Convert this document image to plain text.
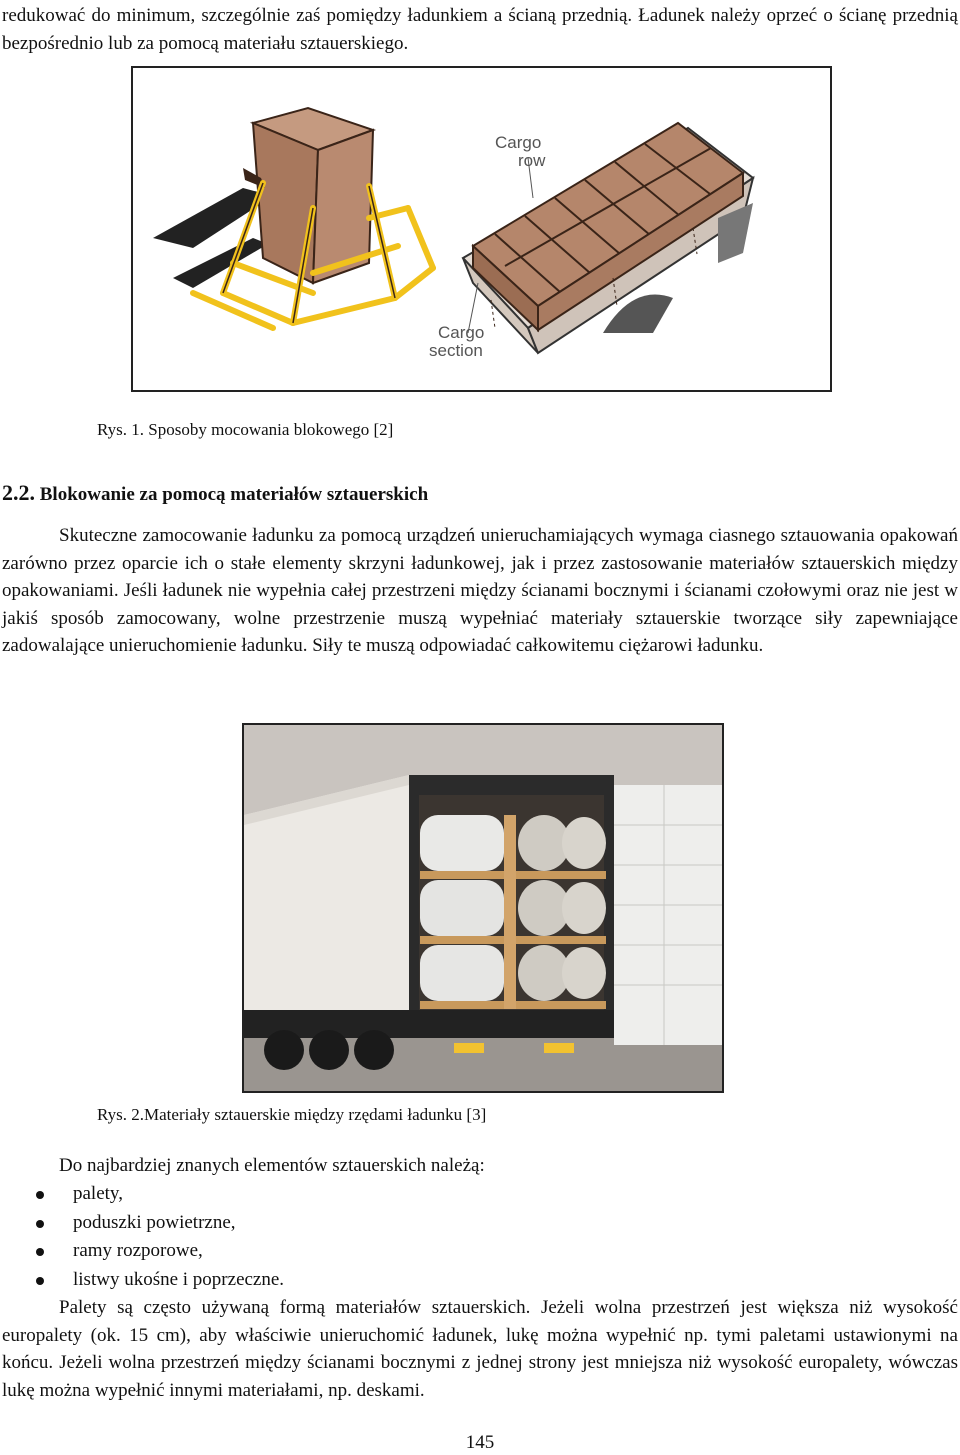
redukować do minimum, szczególnie zaś pomiędzy ładunkiem a ścianą przednią. Ładunek należy oprzeć o ścianę przednią bezpośrednio lub za pomocą materiału sztauerskiego.

Cargo
row
Cargo
section
Rys. 1. Sposoby mocowania blokowego [2]
2.2. Blokowanie za pomocą materiałów sztauerskich

Skuteczne zamocowanie ładunku za pomocą urządzeń unieruchamiających wymaga ciasnego sztauowania opakowań zarówno przez oparcie ich o stałe elementy skrzyni ładunkowej, jak i przez zastosowanie materiałów sztauerskich między opakowaniami. Jeśli ładunek nie wypełnia całej przestrzeni między ścianami bocznymi i ścianami czołowymi oraz nie jest w jakiś sposób zamocowany, wolne przestrzenie muszą wypełniać materiały sztauerskie tworzące siły zapewniające zadowalające unieruchomienie ładunku. Siły te muszą odpowiadać całkowitemu ciężarowi ładunku.

Rys. 2.Materiały sztauerskie między rzędami ładunku [3]

Do najbardziej znanych elementów sztauerskich należą:

palety,
poduszki powietrzne,
ramy rozporowe,
listwy ukośne i poprzeczne.

Palety są często używaną formą materiałów sztauerskich. Jeżeli wolna przestrzeń jest większa niż wysokość europalety (ok. 15 cm), aby właściwie unieruchomić ładunek, lukę można wypełnić np. tymi paletami ustawionymi na końcu. Jeżeli wolna przestrzeń między ścianami bocznymi z jednej strony jest mniejsza niż wysokość europalety, wówczas lukę można wypełnić innymi materiałami, np. deskami.

145
